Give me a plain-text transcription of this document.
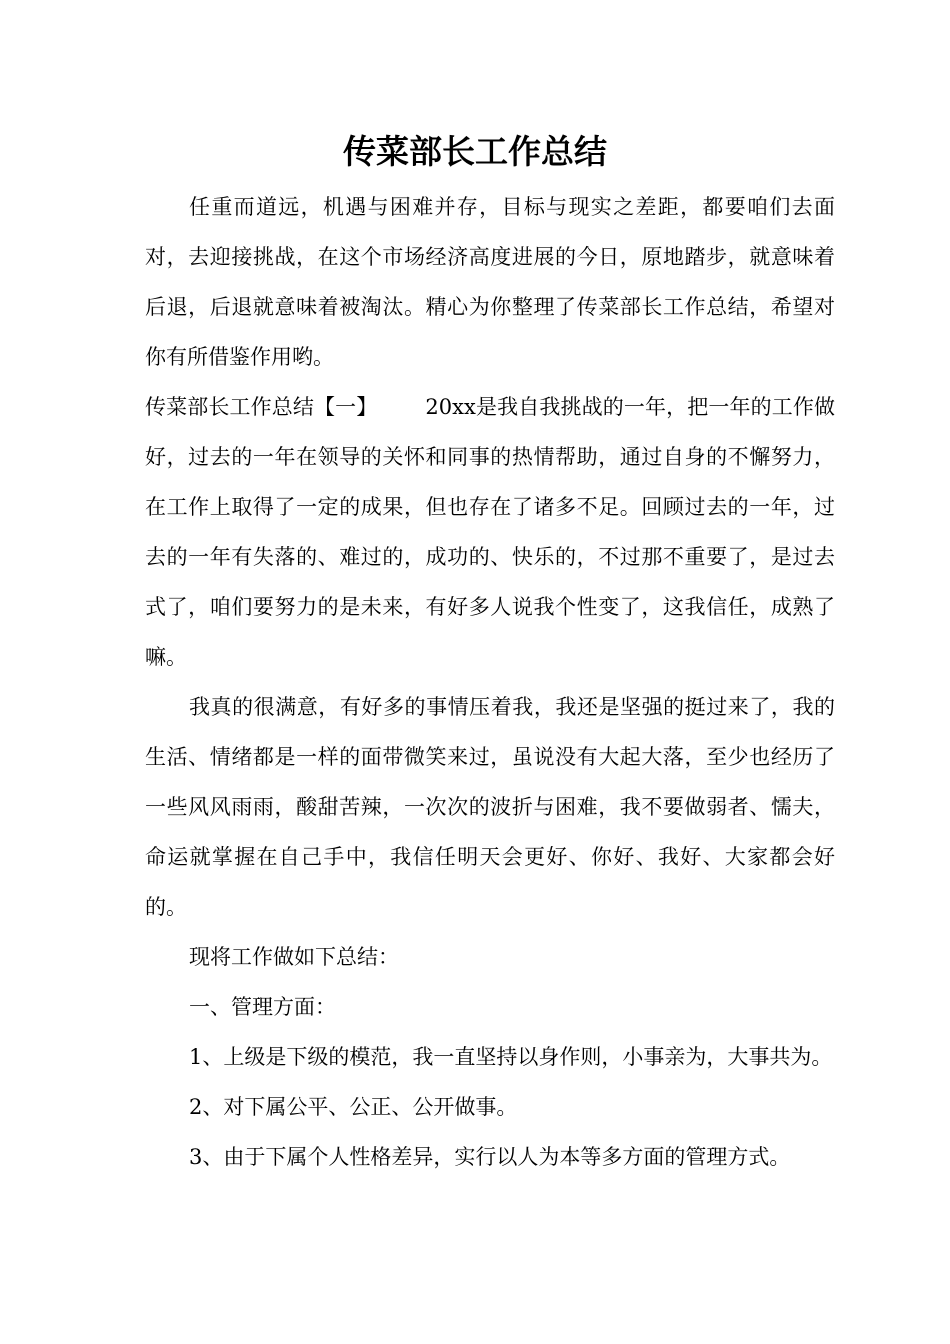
传菜部长工作总结

任重而道远，机遇与困难并存，目标与现实之差距，都要咱们去面对，去迎接挑战，在这个市场经济高度进展的今日，原地踏步，就意味着后退，后退就意味着被淘汰。精心为你整理了传菜部长工作总结，希望对你有所借鉴作用哟。

传菜部长工作总结【一】 20xx是我自我挑战的一年，把一年的工作做好，过去的一年在领导的关怀和同事的热情帮助，通过自身的不懈努力，在工作上取得了一定的成果，但也存在了诸多不足。回顾过去的一年，过去的一年有失落的、难过的，成功的、快乐的，不过那不重要了，是过去式了，咱们要努力的是未来，有好多人说我个性变了，这我信任，成熟了嘛。

我真的很满意，有好多的事情压着我，我还是坚强的挺过来了，我的生活、情绪都是一样的面带微笑来过，虽说没有大起大落，至少也经历了一些风风雨雨，酸甜苦辣，一次次的波折与困难，我不要做弱者、懦夫，命运就掌握在自己手中，我信任明天会更好、你好、我好、大家都会好的。

现将工作做如下总结：

一、管理方面：

1、上级是下级的模范，我一直坚持以身作则，小事亲为，大事共为。

2、对下属公平、公正、公开做事。

3、由于下属个人性格差异，实行以人为本等多方面的管理方式。
